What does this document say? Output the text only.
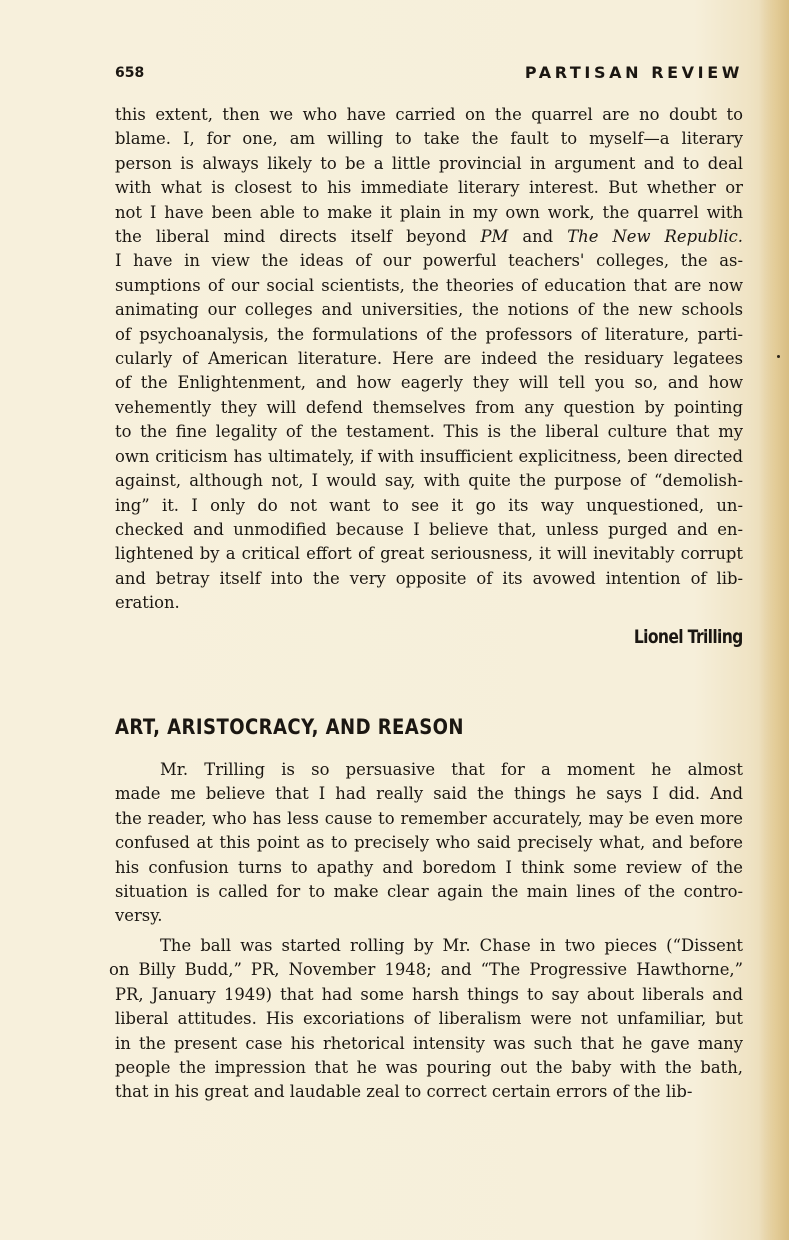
658	PARTISAN REVIEW

this extent, then we who have carried on the quarrel are no doubt to

blame. I, for one, am willing to take the fault to myself—a literary

person is always likely to be a little provincial in argument and to deal

with what is closest to his immediate literary interest. But whether or

not I have been able to make it plain in my own work, the quarrel with

the liberal mind directs itself beyond PM and The New Republic.

I have in view the ideas of our powerful teachers' colleges, the as-

sumptions of our social scientists, the theories of education that are now

animating our colleges and universities, the notions of the new schools

of psychoanalysis, the formulations of the professors of literature, parti-

cularly of American literature. Here are indeed the residuary legatees

of the Enlightenment, and how eagerly they will tell you so, and how

vehemently they will defend themselves from any question by pointing

to the fine legality of the testament. This is the liberal culture that my

own criticism has ultimately, if with insufficient explicitness, been directed

against, although not, I would say, with quite the purpose of “demolish-

ing” it. I only do not want to see it go its way unquestioned, un-

checked and unmodified because I believe that, unless purged and en-

lightened by a critical effort of great seriousness, it will inevitably corrupt

and betray itself into the very opposite of its avowed intention of lib-

eration.

Lionel Trilling
ART, ARISTOCRACY, AND REASON

Mr. Trilling is so persuasive that for a moment he almost

made me believe that I had really said the things he says I did. And

the reader, who has less cause to remember accurately, may be even more

confused at this point as to precisely who said precisely what, and before

his confusion turns to apathy and boredom I think some review of the

situation is called for to make clear again the main lines of the contro-

versy.

The ball was started rolling by Mr. Chase in two pieces (“Dissent

on Billy Budd,” PR, November 1948; and “The Progressive Hawthorne,”

PR, January 1949) that had some harsh things to say about liberals and

liberal attitudes. His excoriations of liberalism were not unfamiliar, but

in the present case his rhetorical intensity was such that he gave many

people the impression that he was pouring out the baby with the bath,

that in his great and laudable zeal to correct certain errors of the lib-
